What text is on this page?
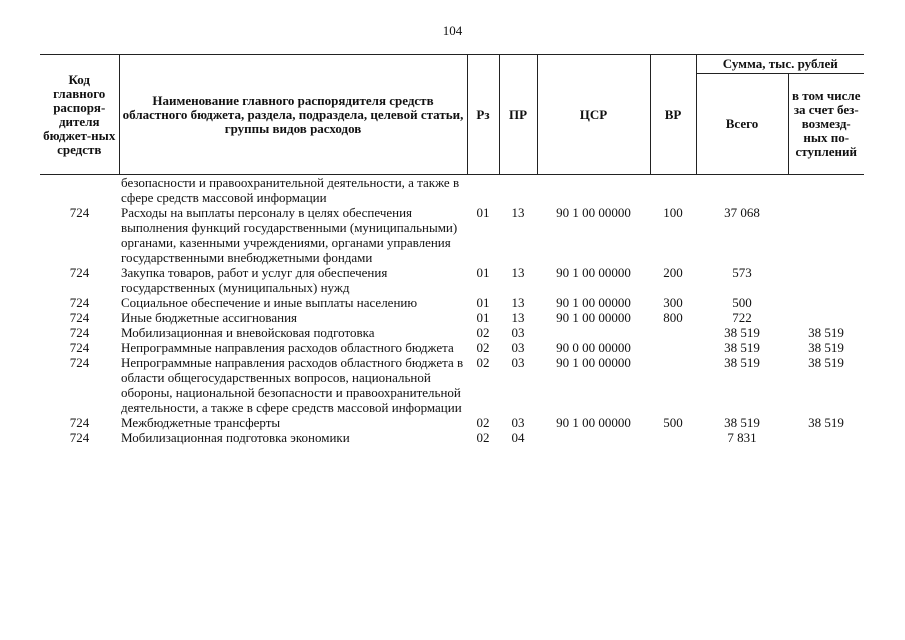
104
Код главного распоря-дителя бюджет-ных средств	Наименование главного распорядителя средств областного бюджета, раздела, подраздела, целевой статьи, группы видов расходов	Рз	ПР	ЦСР	ВР	Сумма, тыс. рублей	
						Всего	в том числе за счет без-возмезд-ных по-ступлений
	безопасности и правоохранительной деятельности, а также в сфере средств массовой информации						
724	Расходы на выплаты персоналу в целях обеспечения выполнения функций государственными (муниципальными) органами, казенными учреждениями, органами управления государственными внебюджетными фондами	01	13	90 1 00 00000	100	37 068	
724	Закупка товаров, работ и услуг для обеспечения государственных (муниципальных) нужд	01	13	90 1 00 00000	200	573	
724	Социальное обеспечение и иные выплаты населению	01	13	90 1 00 00000	300	500	
724	Иные бюджетные ассигнования	01	13	90 1 00 00000	800	722	
724	Мобилизационная и вневойсковая подготовка	02	03			38 519	38 519
724	Непрограммные направления расходов областного бюджета	02	03	90 0 00 00000		38 519	38 519
724	Непрограммные направления расходов областного бюджета в области общегосударственных вопросов, национальной обороны, национальной безопасности и правоохранительной деятельности, а также в сфере средств массовой информации	02	03	90 1 00 00000		38 519	38 519
724	Межбюджетные трансферты	02	03	90 1 00 00000	500	38 519	38 519
724	Мобилизационная подготовка экономики	02	04			7 831	
